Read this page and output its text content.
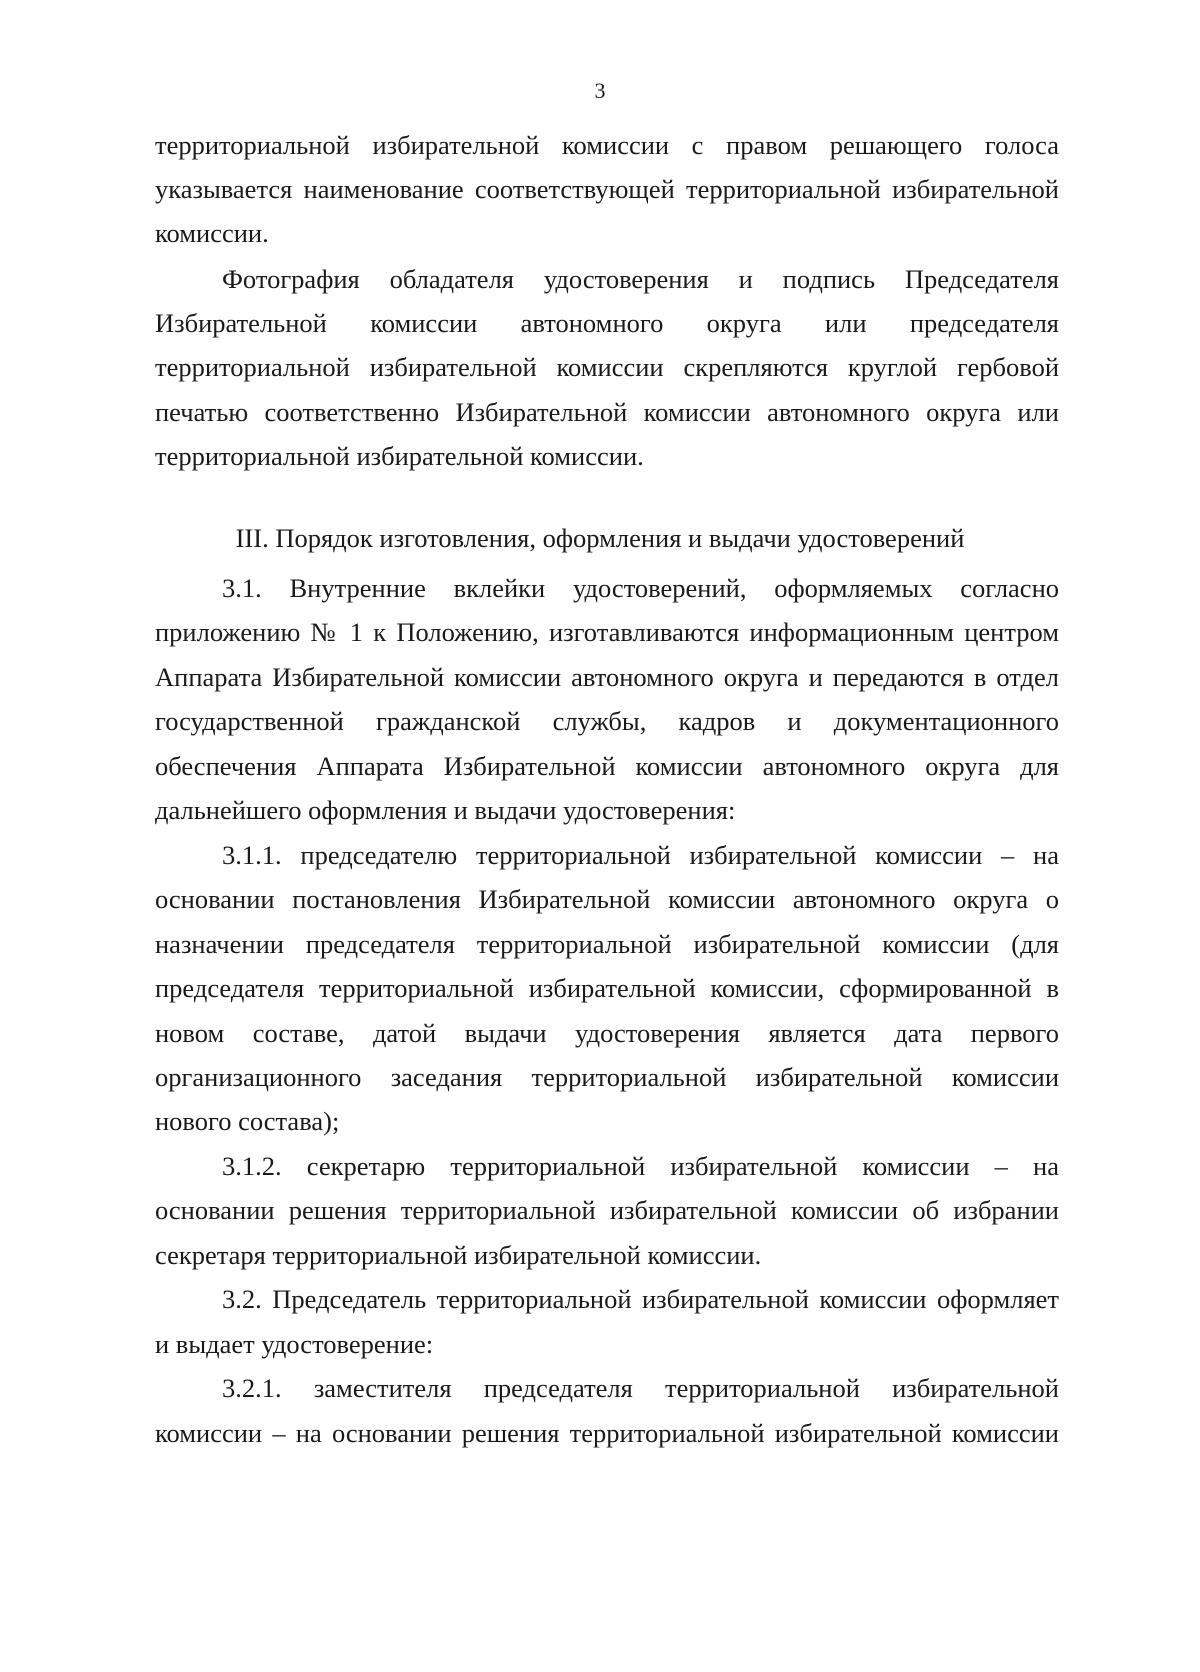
3
территориальной избирательной комиссии с правом решающего голоса
указывается наименование соответствующей территориальной избирательной
комиссии.
Фотография обладателя удостоверения и подпись Председателя
Избирательной комиссии автономного округа или председателя
территориальной избирательной комиссии скрепляются круглой гербовой
печатью соответственно Избирательной комиссии автономного округа или
территориальной избирательной комиссии.
III. Порядок изготовления, оформления и выдачи удостоверений
3.1. Внутренние вклейки удостоверений, оформляемых согласно
приложению № 1 к Положению, изготавливаются информационным центром
Аппарата Избирательной комиссии автономного округа и передаются в отдел
государственной гражданской службы, кадров и документационного
обеспечения Аппарата Избирательной комиссии автономного округа для
дальнейшего оформления и выдачи удостоверения:
3.1.1. председателю территориальной избирательной комиссии – на
основании постановления Избирательной комиссии автономного округа о
назначении председателя территориальной избирательной комиссии (для
председателя территориальной избирательной комиссии, сформированной в
новом составе, датой выдачи удостоверения является дата первого
организационного заседания территориальной избирательной комиссии
нового состава);
3.1.2. секретарю территориальной избирательной комиссии – на
основании решения территориальной избирательной комиссии об избрании
секретаря территориальной избирательной комиссии.
3.2. Председатель территориальной избирательной комиссии оформляет
и выдает удостоверение:
3.2.1. заместителя председателя территориальной избирательной
комиссии – на основании решения территориальной избирательной комиссии
